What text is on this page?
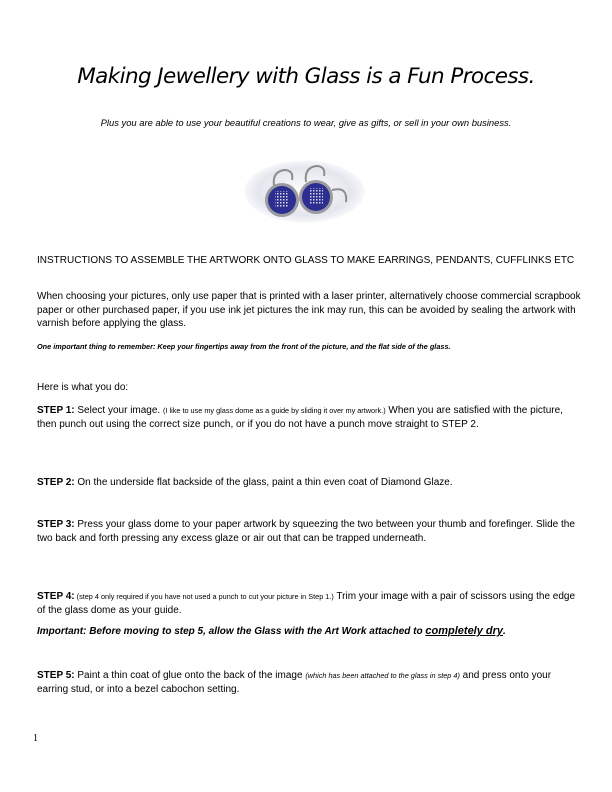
Making Jewellery with Glass is a Fun Process.
Plus you are able to use your beautiful creations to wear, give as gifts, or sell in your own business.
INSTRUCTIONS TO ASSEMBLE THE ARTWORK ONTO GLASS TO MAKE EARRINGS, PENDANTS, CUFFLINKS ETC
When choosing your pictures, only use paper that is printed with a laser printer, alternatively choose commercial scrapbook paper or other purchased paper, if you use ink jet pictures the ink may run, this can be avoided by sealing the artwork with varnish before applying the glass.
One important thing to remember: Keep your fingertips away from the front of the picture, and the flat side of the glass.
Here is what you do:
STEP 1: Select your image. (I like to use my glass dome as a guide by sliding it over my artwork.) When you are satisfied with the picture, then punch out using the correct size punch, or if you do not have a punch move straight to STEP 2.
STEP 2: On the underside flat backside of the glass, paint a thin even coat of Diamond Glaze.
STEP 3: Press your glass dome to your paper artwork by squeezing the two between your thumb and forefinger. Slide the two back and forth pressing any excess glaze or air out that can be trapped underneath.
STEP 4: (step 4 only required if you have not used a punch to cut your picture in Step 1.) Trim your image with a pair of scissors using the edge of the glass dome as your guide.
Important: Before moving to step 5, allow the Glass with the Art Work attached to completely dry.
STEP 5: Paint a thin coat of glue onto the back of the image (which has been attached to the glass in step 4) and press onto your earring stud, or into a bezel cabochon setting.
1
